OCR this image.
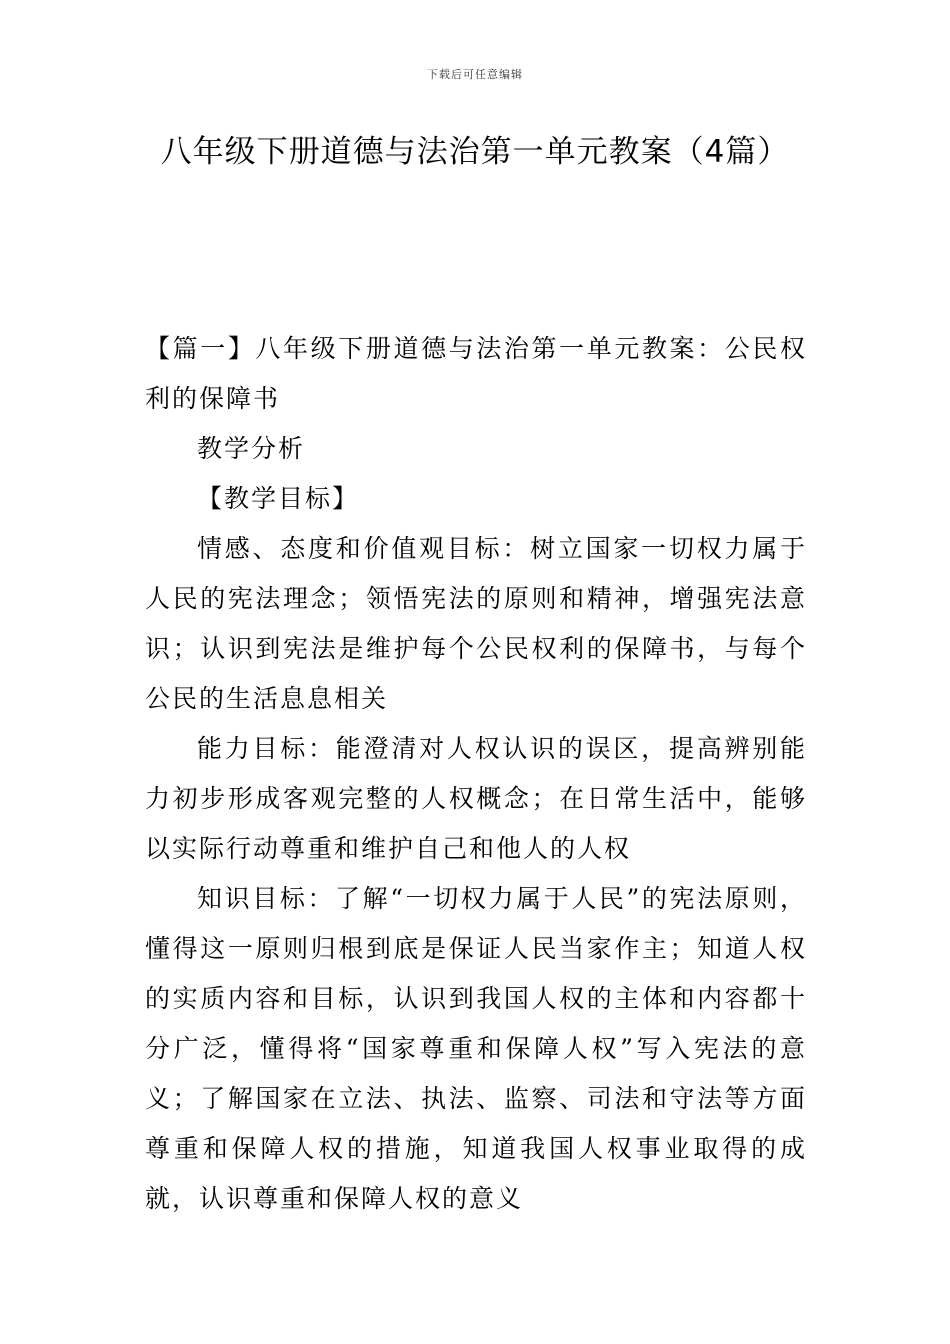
下载后可任意编辑
八年级下册道德与法治第一单元教案（4篇）

【篇一】八年级下册道德与法治第一单元教案：公民权利的保障书

教学分析

【教学目标】

情感、态度和价值观目标：树立国家一切权力属于人民的宪法理念；领悟宪法的原则和精神，增强宪法意识；认识到宪法是维护每个公民权利的保障书，与每个公民的生活息息相关

能力目标：能澄清对人权认识的误区，提高辨别能力初步形成客观完整的人权概念；在日常生活中，能够以实际行动尊重和维护自己和他人的人权

知识目标：了解“一切权力属于人民”的宪法原则，懂得这一原则归根到底是保证人民当家作主；知道人权的实质内容和目标，认识到我国人权的主体和内容都十分广泛，懂得将“国家尊重和保障人权”写入宪法的意义；了解国家在立法、执法、监察、司法和守法等方面尊重和保障人权的措施，知道我国人权事业取得的成就，认识尊重和保障人权的意义
